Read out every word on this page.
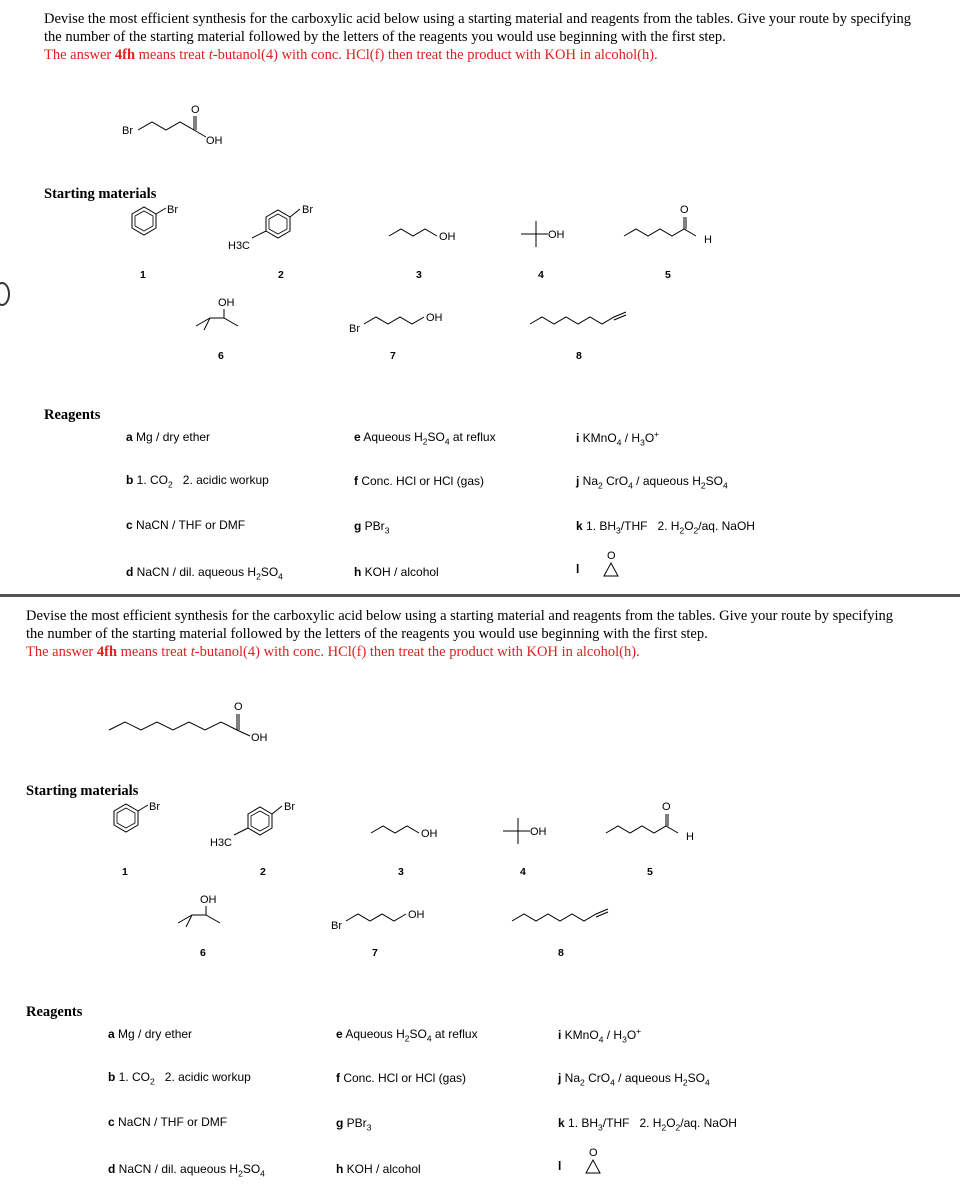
Devise the most efficient synthesis for the carboxylic acid below using a starting material and reagents from the tables. Give your route by specifying

the number of the starting material followed by the letters of the reagents you would use beginning with the first step.

The answer 4fh means treat t-butanol(4) with conc. HCl(f) then treat the product with KOH in alcohol(h).

Br
O
OH
Starting materials
Br
1
Br
H3C
2
OH
3
OH
4
O
H
5
OH
6
Br
OH
7	8
Reagents
a Mg / dry ether
b 1. $CO_2$   2. acidic workup
c NaCN / THF or DMF
d NaCN / dil. aqueous $H_2SO_4$
e Aqueous $H_2SO_4$ at reflux
f Conc. HCl or HCl (gas)
g PBr$_3$
h KOH / alcohol
i KMnO$_4$ / $H_3O^+$
j $Na_2$ CrO$_4$ / aqueous $H_2SO_4$
k 1. $BH_3$/THF   2. $H_2O_2/aq$. NaOH
l
O

Devise the most efficient synthesis for the carboxylic acid below using a starting material and reagents from the tables. Give your route by specifying

the number of the starting material followed by the letters of the reagents you would use beginning with the first step.

The answer 4fh means treat t-butanol(4) with conc. HCl(f) then treat the product with KOH in alcohol(h).

O
OH
Starting materials
Br
1
Br
H3C
2
OH
3
OH
4
O
H
5
OH
6
Br
OH
7	8
Reagents
a Mg / dry ether
b 1. $CO_2$   2. acidic workup
c NaCN / THF or DMF
d NaCN / dil. aqueous $H_2SO_4$
e Aqueous $H_2SO_4$ at reflux
f Conc. HCl or HCl (gas)
g PBr$_3$
h KOH / alcohol
i KMnO$_4$ / $H_3O^+$
j $Na_2$ CrO$_4$ / aqueous $H_2SO_4$
k 1. $BH_3$/THF   2. $H_2O_2/aq$. NaOH
l
O
